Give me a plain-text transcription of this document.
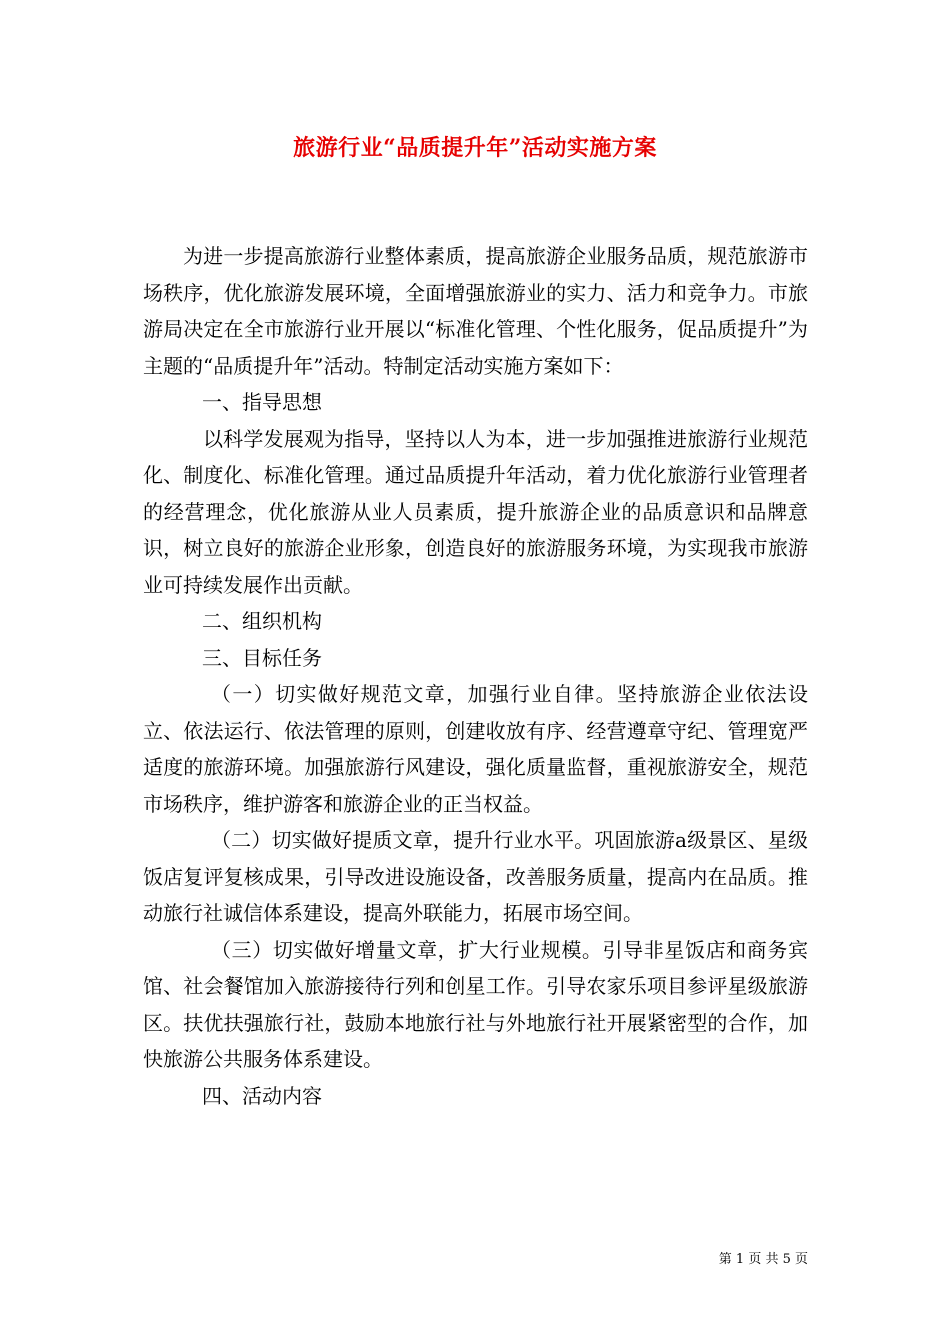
旅游行业“品质提升年”活动实施方案

为进一步提高旅游行业整体素质，提高旅游企业服务品质，规范旅游市场秩序，优化旅游发展环境，全面增强旅游业的实力、活力和竞争力。市旅游局决定在全市旅游行业开展以“标准化管理、个性化服务，促品质提升”为主题的“品质提升年”活动。特制定活动实施方案如下：

一、指导思想

以科学发展观为指导，坚持以人为本，进一步加强推进旅游行业规范化、制度化、标准化管理。通过品质提升年活动，着力优化旅游行业管理者的经营理念，优化旅游从业人员素质，提升旅游企业的品质意识和品牌意识，树立良好的旅游企业形象，创造良好的旅游服务环境，为实现我市旅游业可持续发展作出贡献。

二、组织机构

三、目标任务

（一）切实做好规范文章，加强行业自律。坚持旅游企业依法设立、依法运行、依法管理的原则，创建收放有序、经营遵章守纪、管理宽严适度的旅游环境。加强旅游行风建设，强化质量监督，重视旅游安全，规范市场秩序，维护游客和旅游企业的正当权益。

（二）切实做好提质文章，提升行业水平。巩固旅游a级景区、星级饭店复评复核成果，引导改进设施设备，改善服务质量，提高内在品质。推动旅行社诚信体系建设，提高外联能力，拓展市场空间。

（三）切实做好增量文章，扩大行业规模。引导非星饭店和商务宾馆、社会餐馆加入旅游接待行列和创星工作。引导农家乐项目参评星级旅游区。扶优扶强旅行社，鼓励本地旅行社与外地旅行社开展紧密型的合作，加快旅游公共服务体系建设。

四、活动内容

第 1 页 共 5 页
